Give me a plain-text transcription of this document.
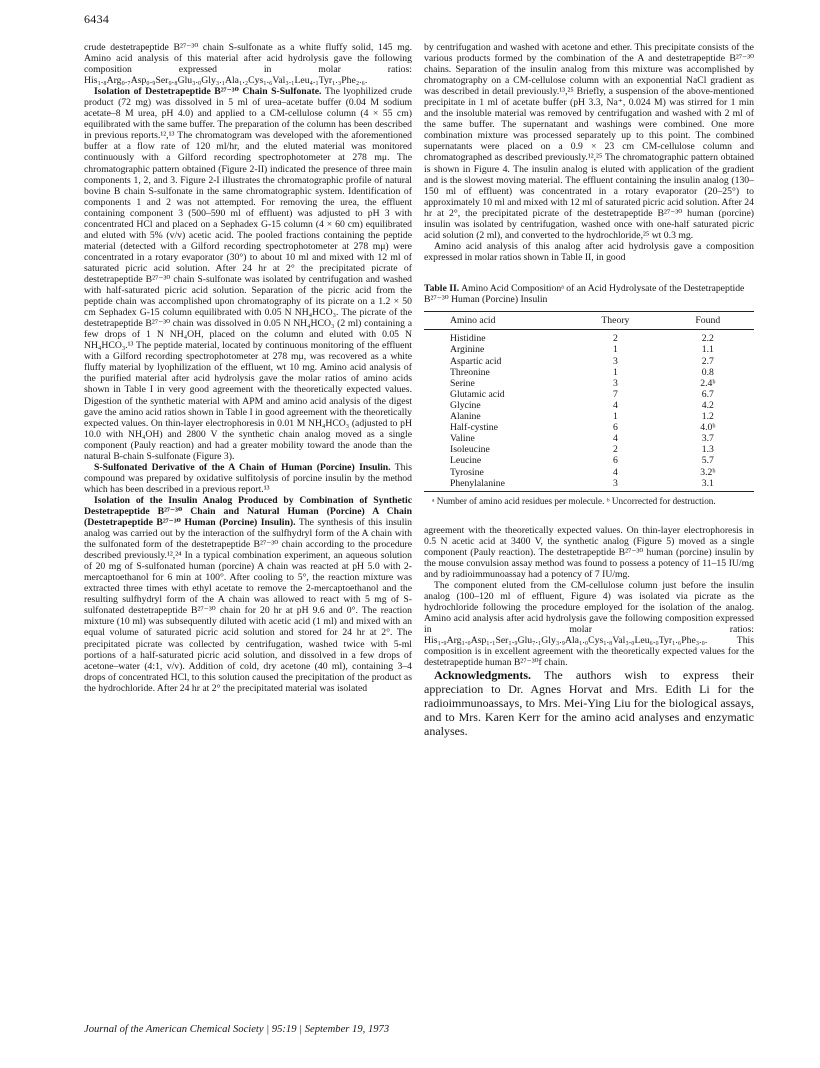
6434

crude destetrapeptide B²⁷⁻³⁰ chain S-sulfonate as a white fluffy solid, 145 mg. Amino acid analysis of this material after acid hydrolysis gave the following composition expressed in molar ratios: His₁.₈Arg₀.₇Asp₀.₉Ser₀.₈Glu₃.₀Gly₃.₁Ala₁.₂Cys₁.₆Val₃.₁Leu₄.₁Tyr₁.₃Phe₂.₆.

Isolation of Destetrapeptide B²⁷⁻³⁰ Chain S-Sulfonate. The lyophilized crude product (72 mg) was dissolved in 5 ml of urea–acetate buffer (0.04 M sodium acetate–8 M urea, pH 4.0) and applied to a CM-cellulose column (4 × 55 cm) equilibrated with the same buffer. The preparation of the column has been described in previous reports.¹²,¹³ The chromatogram was developed with the aforementioned buffer at a flow rate of 120 ml/hr, and the eluted material was monitored continuously with a Gilford recording spectrophotometer at 278 mμ. The chromatographic pattern obtained (Figure 2-II) indicated the presence of three main components 1, 2, and 3. Figure 2-I illustrates the chromatographic profile of natural bovine B chain S-sulfonate in the same chromatographic system. Identification of components 1 and 2 was not attempted. For removing the urea, the effluent containing component 3 (500–590 ml of effluent) was adjusted to pH 3 with concentrated HCl and placed on a Sephadex G-15 column (4 × 60 cm) equilibrated and eluted with 5% (v/v) acetic acid. The pooled fractions containing the peptide material (detected with a Gilford recording spectrophotometer at 278 mμ) were concentrated in a rotary evaporator (30°) to about 10 ml and mixed with 12 ml of saturated picric acid solution. After 24 hr at 2° the precipitated picrate of destetrapeptide B²⁷⁻³⁰ chain S-sulfonate was isolated by centrifugation and washed with half-saturated picric acid solution. Separation of the picric acid from the peptide chain was accomplished upon chromatography of its picrate on a 1.2 × 50 cm Sephadex G-15 column equilibrated with 0.05 N NH₄HCO₃. The picrate of the destetrapeptide B²⁷⁻³⁰ chain was dissolved in 0.05 N NH₄HCO₃ (2 ml) containing a few drops of 1 N NH₄OH, placed on the column and eluted with 0.05 N NH₄HCO₃.¹³ The peptide material, located by continuous monitoring of the effluent with a Gilford recording spectrophotometer at 278 mμ, was recovered as a white fluffy material by lyophilization of the effluent, wt 10 mg. Amino acid analysis of the purified material after acid hydrolysis gave the molar ratios of amino acids shown in Table I in very good agreement with the theoretically expected values. Digestion of the synthetic material with APM and amino acid analysis of the digest gave the amino acid ratios shown in Table I in good agreement with the theoretically expected values. On thin-layer electrophoresis in 0.01 M NH₄HCO₃ (adjusted to pH 10.0 with NH₄OH) and 2800 V the synthetic chain analog moved as a single component (Pauly reaction) and had a greater mobility toward the anode than the natural B-chain S-sulfonate (Figure 3).

S-Sulfonated Derivative of the A Chain of Human (Porcine) Insulin. This compound was prepared by oxidative sulfitolysis of porcine insulin by the method which has been described in a previous report.¹³

Isolation of the Insulin Analog Produced by Combination of Synthetic Destetrapeptide B²⁷⁻³⁰ Chain and Natural Human (Porcine) A Chain (Destetrapeptide B²⁷⁻³⁰ Human (Porcine) Insulin). The synthesis of this insulin analog was carried out by the interaction of the sulfhydryl form of the A chain with the sulfonated form of the destetrapeptide B²⁷⁻³⁰ chain according to the procedure described previously.¹²,²⁴ In a typical combination experiment, an aqueous solution of 20 mg of S-sulfonated human (porcine) A chain was reacted at pH 5.0 with 2-mercaptoethanol for 6 min at 100°. After cooling to 5°, the reaction mixture was extracted three times with ethyl acetate to remove the 2-mercaptoethanol and the resulting sulfhydryl form of the A chain was allowed to react with 5 mg of S-sulfonated destetrapeptide B²⁷⁻³⁰ chain for 20 hr at pH 9.6 and 0°. The reaction mixture (10 ml) was subsequently diluted with acetic acid (1 ml) and mixed with an equal volume of saturated picric acid solution and stored for 24 hr at 2°. The precipitated picrate was collected by centrifugation, washed twice with 5-ml portions of a half-saturated picric acid solution, and dissolved in a few drops of acetone–water (4:1, v/v). Addition of cold, dry acetone (40 ml), containing 3–4 drops of concentrated HCl, to this solution caused the precipitation of the product as the hydrochloride. After 24 hr at 2° the precipitated material was isolated

by centrifugation and washed with acetone and ether. This precipitate consists of the various products formed by the combination of the A and destetrapeptide B²⁷⁻³⁰ chains. Separation of the insulin analog from this mixture was accomplished by chromatography on a CM-cellulose column with an exponential NaCl gradient as was described in detail previously.¹³,²⁵ Briefly, a suspension of the above-mentioned precipitate in 1 ml of acetate buffer (pH 3.3, Na⁺, 0.024 M) was stirred for 1 min and the insoluble material was removed by centrifugation and washed with 2 ml of the same buffer. The supernatant and washings were combined. One more combination mixture was processed separately up to this point. The combined supernatants were placed on a 0.9 × 23 cm CM-cellulose column and chromatographed as described previously.¹²,²⁵ The chromatographic pattern obtained is shown in Figure 4. The insulin analog is eluted with application of the gradient and is the slowest moving material. The effluent containing the insulin analog (130–150 ml of effluent) was concentrated in a rotary evaporator (20–25°) to approximately 10 ml and mixed with 12 ml of saturated picric acid solution. After 24 hr at 2°, the precipitated picrate of the destetrapeptide B²⁷⁻³⁰ human (porcine) insulin was isolated by centrifugation, washed once with one-half saturated picric acid solution (2 ml), and converted to the hydrochloride,²⁵ wt 0.3 mg.

Amino acid analysis of this analog after acid hydrolysis gave a composition expressed in molar ratios shown in Table II, in good

Table II. Amino Acid Compositionᵃ of an Acid Hydrolysate of the Destetrapeptide B²⁷⁻³⁰ Human (Porcine) Insulin
Amino acid	Theory	Found
Histidine	2	2.2
Arginine	1	1.1
Aspartic acid	3	2.7
Threonine	1	0.8
Serine	3	2.4ᵇ
Glutamic acid	7	6.7
Glycine	4	4.2
Alanine	1	1.2
Half-cystine	6	4.0ᵇ
Valine	4	3.7
Isoleucine	2	1.3
Leucine	6	5.7
Tyrosine	4	3.2ᵇ
Phenylalanine	3	3.1
ᵃ Number of amino acid residues per molecule. ᵇ Uncorrected for destruction.

agreement with the theoretically expected values. On thin-layer electrophoresis in 0.5 N acetic acid at 3400 V, the synthetic analog (Figure 5) moved as a single component (Pauly reaction). The destetrapeptide B²⁷⁻³⁰ human (porcine) insulin by the mouse convulsion assay method was found to possess a potency of 11–15 IU/mg and by radioimmunoassay had a potency of 7 IU/mg.

The component eluted from the CM-cellulose column just before the insulin analog (100–120 ml of effluent, Figure 4) was isolated via picrate as the hydrochloride following the procedure employed for the isolation of the analog. Amino acid analysis after acid hydrolysis gave the following composition expressed in molar ratios: His₁.₉Arg₁.₀Asp₁.₁Ser₁.₉Glu₇.₁Gly₃.₉Ala₁.₀Cys₁.₈Val₃.₀Leu₆.₀Tyr₁.₆Phe₃.₀. This composition is in excellent agreement with the theoretically expected values for the destetrapeptide human B²⁷⁻³⁰f chain.

Acknowledgments. The authors wish to express their appreciation to Dr. Agnes Horvat and Mrs. Edith Li for the radioimmunoassays, to Mrs. Mei-Ying Liu for the biological assays, and to Mrs. Karen Kerr for the amino acid analyses and enzymatic analyses.

Journal of the American Chemical Society | 95:19 | September 19, 1973
